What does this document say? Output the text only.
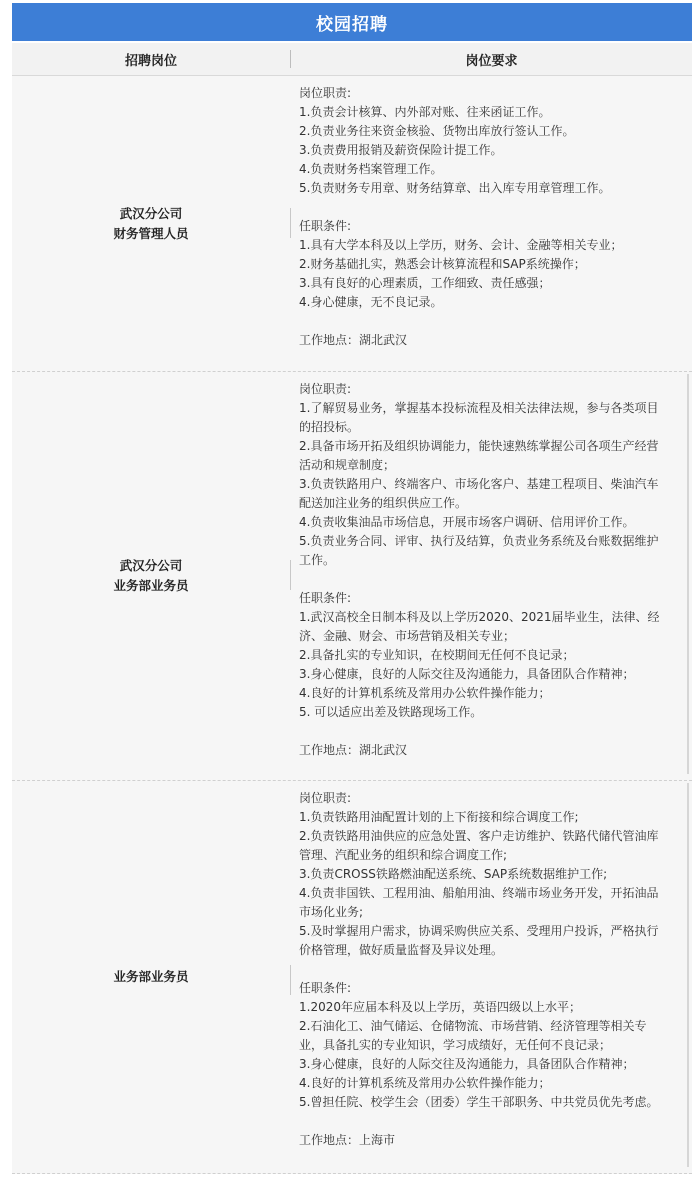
校园招聘
招聘岗位	岗位要求
武汉分公司
财务管理人员
岗位职责:
1.负责会计核算、内外部对账、往来函证工作。
2.负责业务往来资金核验、货物出库放行签认工作。
3.负责费用报销及薪资保险计提工作。
4.负责财务档案管理工作。
5.负责财务专用章、财务结算章、出入库专用章管理工作。
任职条件:
1.具有大学本科及以上学历，财务、会计、金融等相关专业；
2.财务基础扎实，熟悉会计核算流程和SAP系统操作；
3.具有良好的心理素质，工作细致、责任感强；
4.身心健康，无不良记录。
工作地点：湖北武汉
武汉分公司
业务部业务员
岗位职责:
1.了解贸易业务，掌握基本投标流程及相关法律法规，参与各类项目
的招投标。
2.具备市场开拓及组织协调能力，能快速熟练掌握公司各项生产经营
活动和规章制度；
3.负责铁路用户、终端客户、市场化客户、基建工程项目、柴油汽车
配送加注业务的组织供应工作。
4.负责收集油品市场信息，开展市场客户调研、信用评价工作。
5.负责业务合同、评审、执行及结算，负责业务系统及台账数据维护
工作。
任职条件:
1.武汉高校全日制本科及以上学历2020、2021届毕业生，法律、经
济、金融、财会、市场营销及相关专业；
2.具备扎实的专业知识，在校期间无任何不良记录；
3.身心健康，良好的人际交往及沟通能力，具备团队合作精神；
4.良好的计算机系统及常用办公软件操作能力；
5. 可以适应出差及铁路现场工作。
工作地点：湖北武汉
业务部业务员
岗位职责:
1.负责铁路用油配置计划的上下衔接和综合调度工作;
2.负责铁路用油供应的应急处置、客户走访维护、铁路代储代管油库
管理、汽配业务的组织和综合调度工作;
3.负责CROSS铁路燃油配送系统、SAP系统数据维护工作;
4.负责非国铁、工程用油、船舶用油、终端市场业务开发，开拓油品
市场化业务;
5.及时掌握用户需求，协调采购供应关系、受理用户投诉，严格执行
价格管理，做好质量监督及异议处理。
任职条件:
1.2020年应届本科及以上学历，英语四级以上水平；
2.石油化工、油气储运、仓储物流、市场营销、经济管理等相关专
业，具备扎实的专业知识，学习成绩好，无任何不良记录；
3.身心健康，良好的人际交往及沟通能力，具备团队合作精神；
4.良好的计算机系统及常用办公软件操作能力；
5.曾担任院、校学生会（团委）学生干部职务、中共党员优先考虑。
工作地点：上海市
